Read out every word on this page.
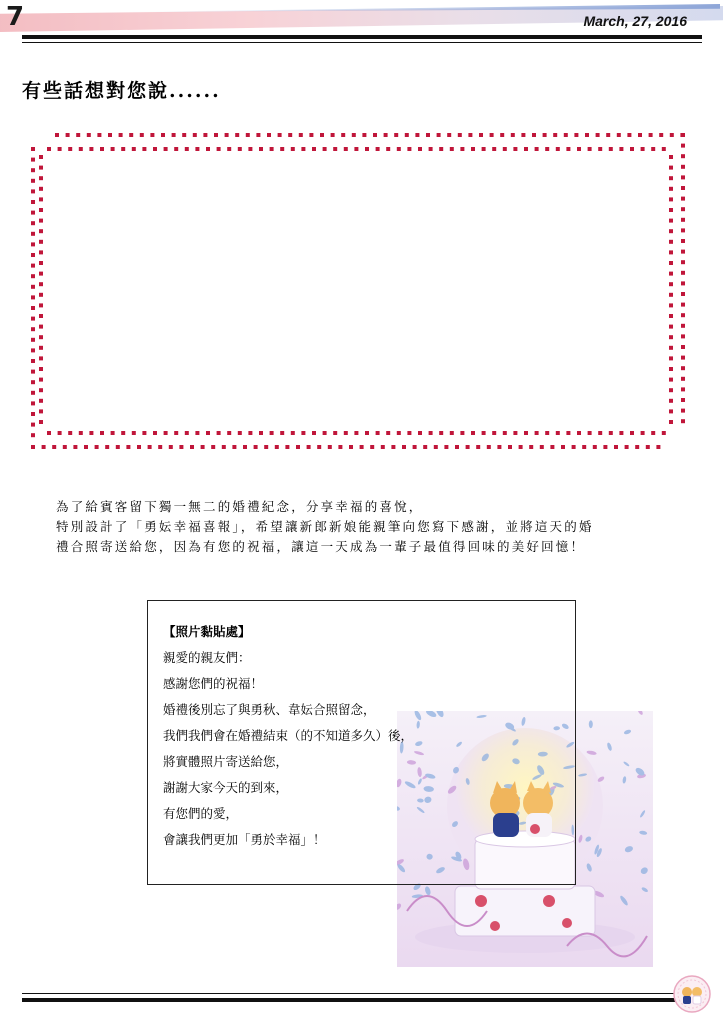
7	March, 27, 2016
有些話想對您說......
為了給賓客留下獨一無二的婚禮紀念，分享幸福的喜悅，
特別設計了「勇妘幸福喜報」，希望讓新郎新娘能親筆向您寫下感謝，並將這天的婚
禮合照寄送給您，因為有您的祝福，讓這一天成為一輩子最值得回味的美好回憶！
【照片黏貼處】
親愛的親友們：
感謝您們的祝福！
婚禮後別忘了與勇秋、韋妘合照留念，
我們我們會在婚禮結束（的不知道多久）後，
將實體照片寄送給您，
謝謝大家今天的到來，
有您們的愛，
會讓我們更加「勇於幸福」！
